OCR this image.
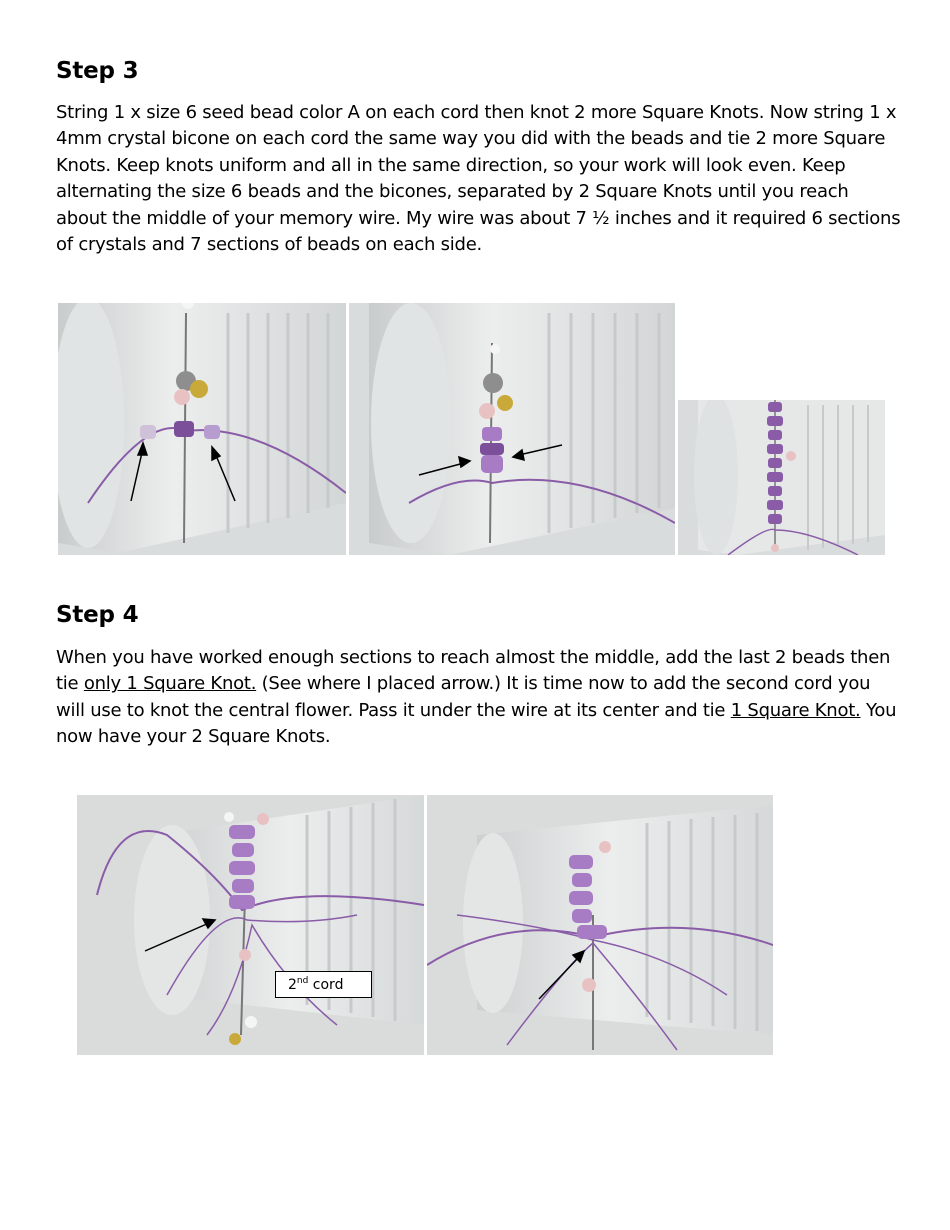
Step 3

String 1 x size 6 seed bead color A on each cord then knot 2 more Square Knots. Now string 1 x 4mm crystal bicone on each cord the same way you did with the beads and tie 2 more Square Knots. Keep knots uniform and all in the same direction, so your work will look even. Keep alternating the size 6 beads and the bicones, separated by 2 Square Knots until you reach about the middle of your memory wire. My wire was about 7 ½ inches and it required 6 sections of crystals and 7 sections of beads on each side.

Step 4

When you have worked enough sections to reach almost the middle, add the last 2 beads then tie only 1 Square Knot. (See where I placed arrow.) It is time now to add the second cord you will use to knot the central flower. Pass it under the wire at its center and tie 1 Square Knot. You now have your 2 Square Knots.

2nd cord
